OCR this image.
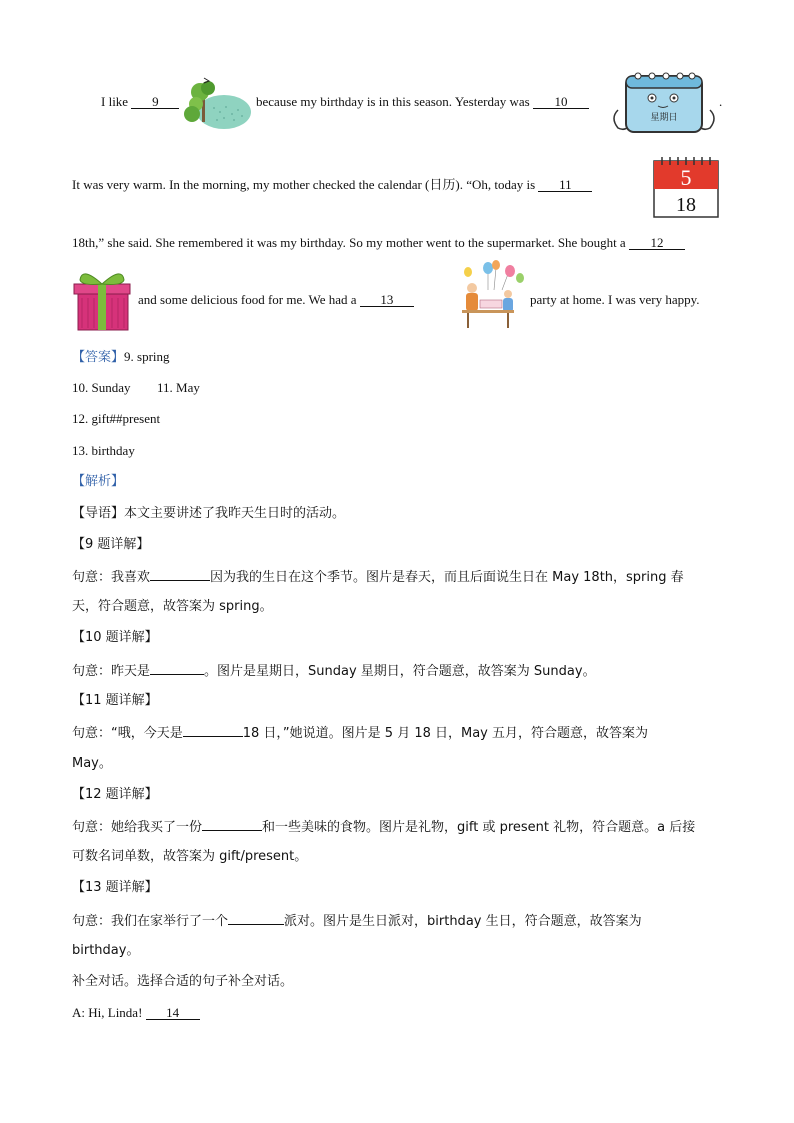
I like 9	because my birthday is in this season. Yesterday was 10
星期日
.
It was very warm. In the morning, my mother checked the calendar (日历). “Oh, today is 11	5
18
18th,” she said. She remembered it was my birthday. So my mother went to the supermarket. She bought a 12
and some delicious food for me. We had a 13	party at home. I was very happy.
【答案】9. spring
10. Sunday 11. May
12. gift##present
13. birthday
【解析】
【导语】本文主要讲述了我昨天生日时的活动。
【9 题详解】
句意：我喜欢	因为我的生日在这个季节。图片是春天，而且后面说生日在 May 18th，spring 春
天，符合题意，故答案为 spring。
【10 题详解】
句意：昨天是	。图片是星期日，Sunday 星期日，符合题意，故答案为 Sunday。
【11 题详解】
句意：“哦，今天是	18 日，”她说道。图片是 5 月 18 日，May 五月，符合题意，故答案为
May。
【12 题详解】
句意：她给我买了一份	和一些美味的食物。图片是礼物，gift 或 present 礼物，符合题意。a 后接
可数名词单数，故答案为 gift/present。
【13 题详解】
句意：我们在家举行了一个	派对。图片是生日派对，birthday 生日，符合题意，故答案为
birthday。
补全对话。选择合适的句子补全对话。
A: Hi, Linda! 14
